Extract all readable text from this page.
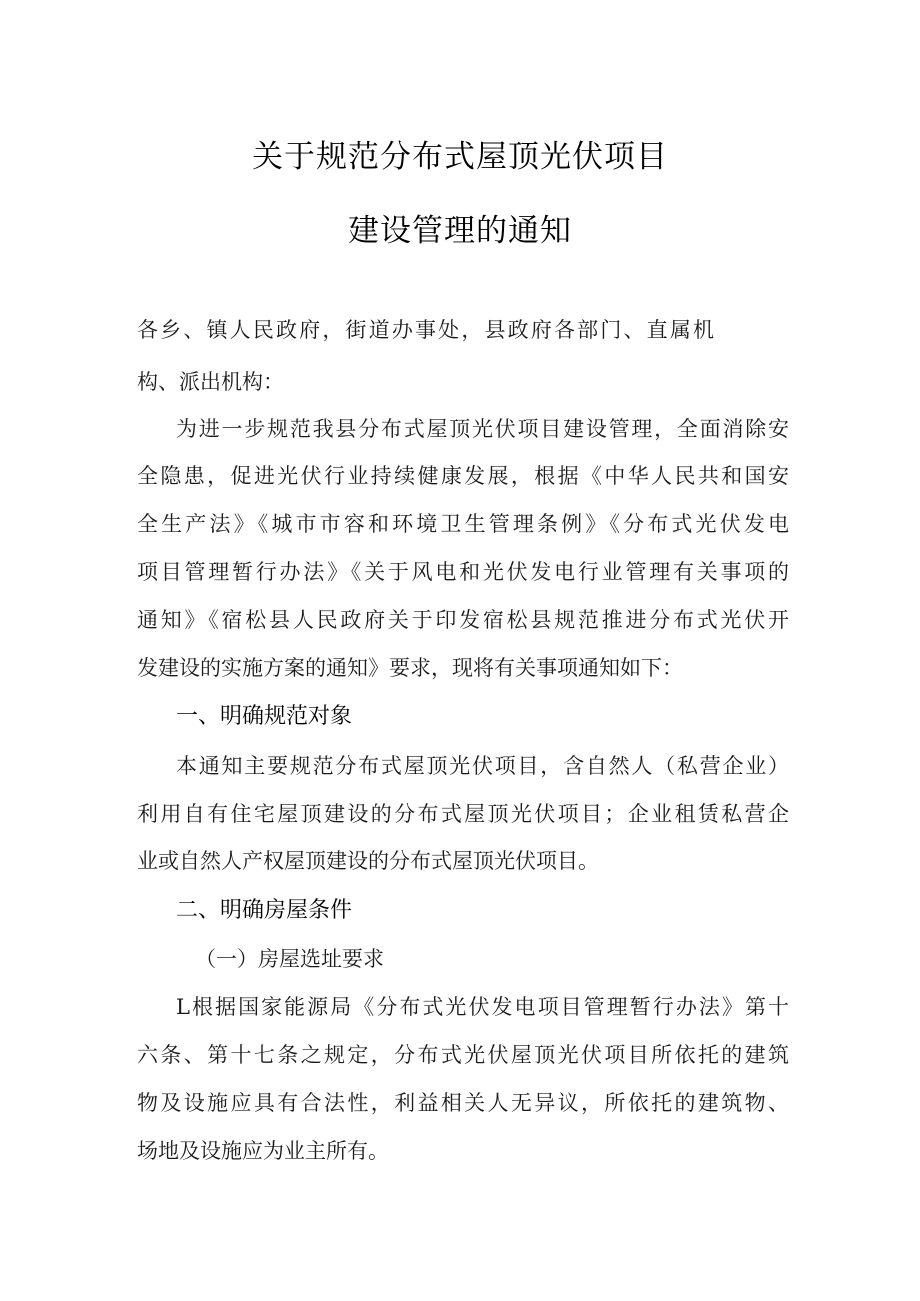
关于规范分布式屋顶光伏项目
建设管理的通知
各乡、镇人民政府，街道办事处，县政府各部门、直属机
构、派出机构：
为进一步规范我县分布式屋顶光伏项目建设管理，全面消除安
全隐患，促进光伏行业持续健康发展，根据《中华人民共和国安
全生产法》《城市市容和环境卫生管理条例》《分布式光伏发电
项目管理暂行办法》《关于风电和光伏发电行业管理有关事项的
通知》《宿松县人民政府关于印发宿松县规范推进分布式光伏开
发建设的实施方案的通知》要求，现将有关事项通知如下：
一、明确规范对象
本通知主要规范分布式屋顶光伏项目，含自然人（私营企业）
利用自有住宅屋顶建设的分布式屋顶光伏项目；企业租赁私营企
业或自然人产权屋顶建设的分布式屋顶光伏项目。
二、明确房屋条件
（一）房屋选址要求
L根据国家能源局《分布式光伏发电项目管理暂行办法》第十
六条、第十七条之规定，分布式光伏屋顶光伏项目所依托的建筑
物及设施应具有合法性，利益相关人无异议，所依托的建筑物、
场地及设施应为业主所有。
